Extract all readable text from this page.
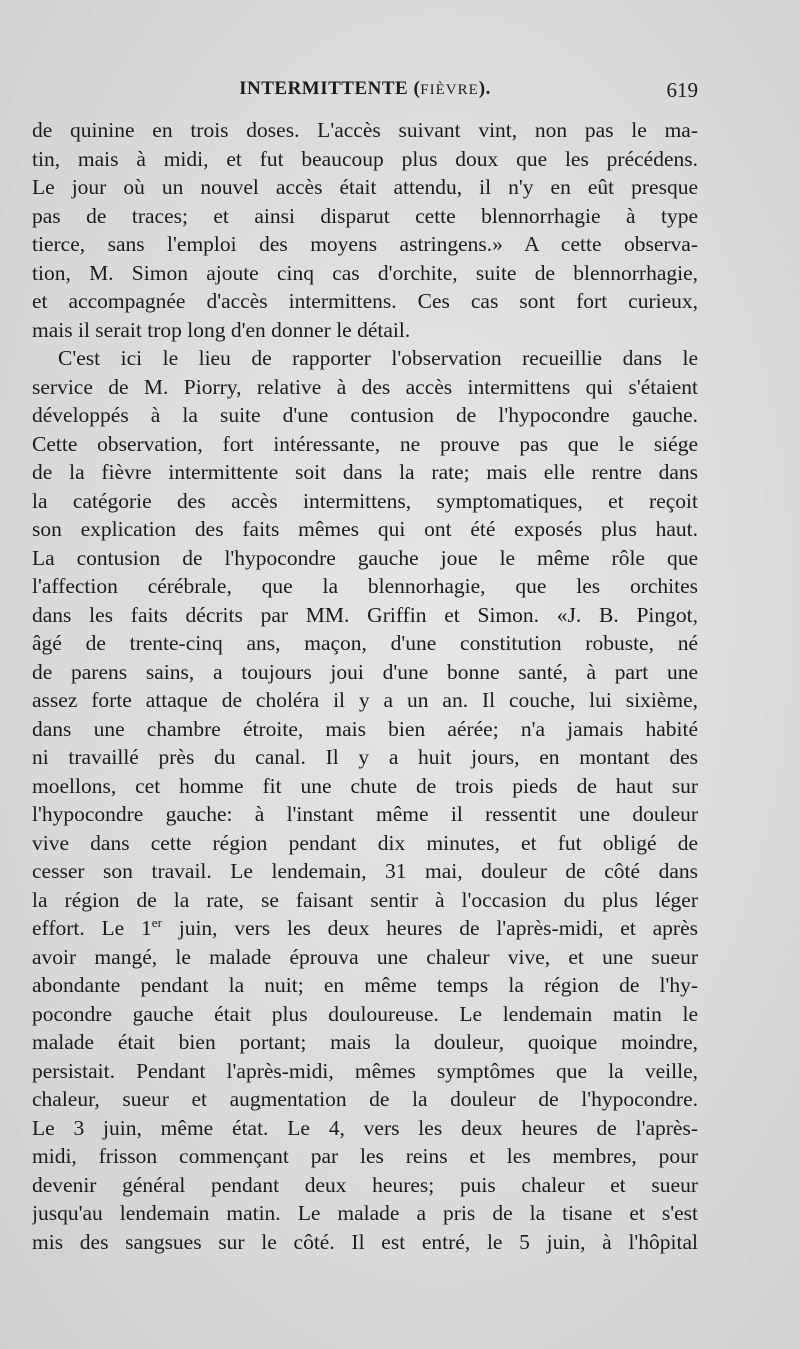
INTERMITTENTE (FIÈVRE).	619
de quinine en trois doses. L'accès suivant vint, non pas le ma-
tin, mais à midi, et fut beaucoup plus doux que les précédens.
Le jour où un nouvel accès était attendu, il n'y en eût presque
pas de traces; et ainsi disparut cette blennorrhagie à type
tierce, sans l'emploi des moyens astringens.» A cette observa-
tion, M. Simon ajoute cinq cas d'orchite, suite de blennorrhagie,
et accompagnée d'accès intermittens. Ces cas sont fort curieux,
mais il serait trop long d'en donner le détail.
C'est ici le lieu de rapporter l'observation recueillie dans le
service de M. Piorry, relative à des accès intermittens qui s'étaient
développés à la suite d'une contusion de l'hypocondre gauche.
Cette observation, fort intéressante, ne prouve pas que le siége
de la fièvre intermittente soit dans la rate; mais elle rentre dans
la catégorie des accès intermittens, symptomatiques, et reçoit
son explication des faits mêmes qui ont été exposés plus haut.
La contusion de l'hypocondre gauche joue le même rôle que
l'affection cérébrale, que la blennorhagie, que les orchites
dans les faits décrits par MM. Griffin et Simon. «J. B. Pingot,
âgé de trente-cinq ans, maçon, d'une constitution robuste, né
de parens sains, a toujours joui d'une bonne santé, à part une
assez forte attaque de choléra il y a un an. Il couche, lui sixième,
dans une chambre étroite, mais bien aérée; n'a jamais habité
ni travaillé près du canal. Il y a huit jours, en montant des
moellons, cet homme fit une chute de trois pieds de haut sur
l'hypocondre gauche: à l'instant même il ressentit une douleur
vive dans cette région pendant dix minutes, et fut obligé de
cesser son travail. Le lendemain, 31 mai, douleur de côté dans
la région de la rate, se faisant sentir à l'occasion du plus léger
effort. Le 1er juin, vers les deux heures de l'après-midi, et après
avoir mangé, le malade éprouva une chaleur vive, et une sueur
abondante pendant la nuit; en même temps la région de l'hy-
pocondre gauche était plus douloureuse. Le lendemain matin le
malade était bien portant; mais la douleur, quoique moindre,
persistait. Pendant l'après-midi, mêmes symptômes que la veille,
chaleur, sueur et augmentation de la douleur de l'hypocondre.
Le 3 juin, même état. Le 4, vers les deux heures de l'après-
midi, frisson commençant par les reins et les membres, pour
devenir général pendant deux heures; puis chaleur et sueur
jusqu'au lendemain matin. Le malade a pris de la tisane et s'est
mis des sangsues sur le côté. Il est entré, le 5 juin, à l'hôpital
